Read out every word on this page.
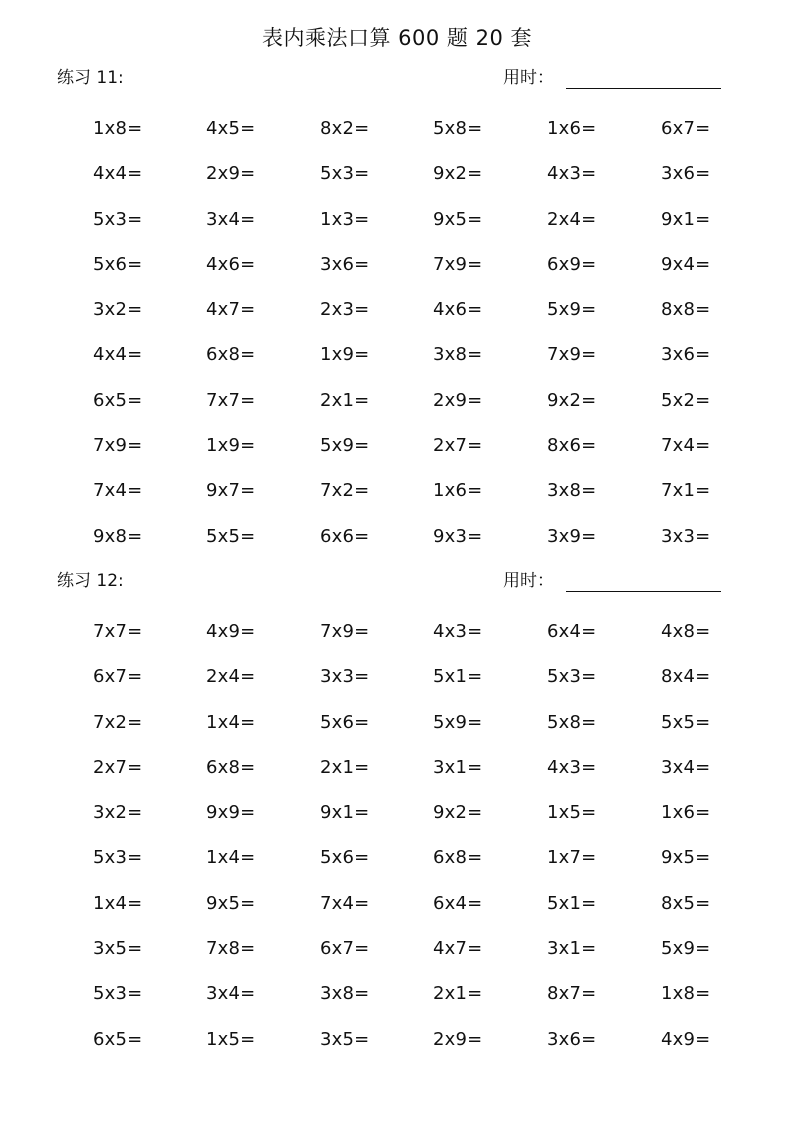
表内乘法口算 600 题 20 套
练习 11:	用时：
1x8=	4x5=	8x2=	5x8=	1x6=	6x7=
4x4=	2x9=	5x3=	9x2=	4x3=	3x6=
5x3=	3x4=	1x3=	9x5=	2x4=	9x1=
5x6=	4x6=	3x6=	7x9=	6x9=	9x4=
3x2=	4x7=	2x3=	4x6=	5x9=	8x8=
4x4=	6x8=	1x9=	3x8=	7x9=	3x6=
6x5=	7x7=	2x1=	2x9=	9x2=	5x2=
7x9=	1x9=	5x9=	2x7=	8x6=	7x4=
7x4=	9x7=	7x2=	1x6=	3x8=	7x1=
9x8=	5x5=	6x6=	9x3=	3x9=	3x3=
练习 12:	用时：
7x7=	4x9=	7x9=	4x3=	6x4=	4x8=
6x7=	2x4=	3x3=	5x1=	5x3=	8x4=
7x2=	1x4=	5x6=	5x9=	5x8=	5x5=
2x7=	6x8=	2x1=	3x1=	4x3=	3x4=
3x2=	9x9=	9x1=	9x2=	1x5=	1x6=
5x3=	1x4=	5x6=	6x8=	1x7=	9x5=
1x4=	9x5=	7x4=	6x4=	5x1=	8x5=
3x5=	7x8=	6x7=	4x7=	3x1=	5x9=
5x3=	3x4=	3x8=	2x1=	8x7=	1x8=
6x5=	1x5=	3x5=	2x9=	3x6=	4x9=
